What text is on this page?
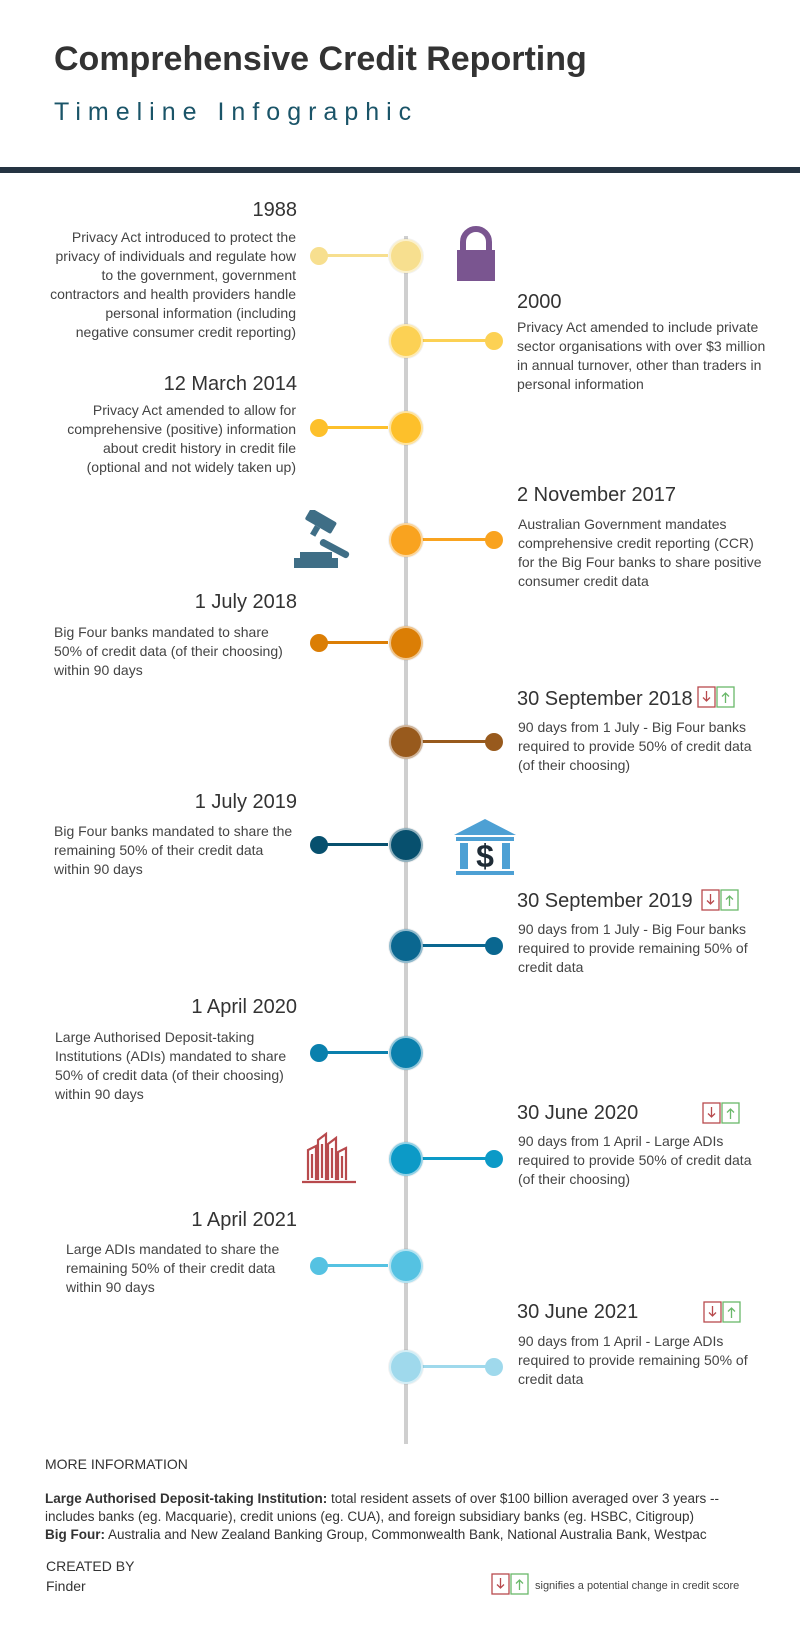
Comprehensive Credit Reporting
Timeline Infographic
1988
Privacy Act introduced to protect the privacy of individuals and regulate how to the government, government contractors and health providers handle personal information (including negative consumer credit reporting)
2000
Privacy Act amended to include private sector organisations with over $3 million in annual turnover, other than traders in personal information
12 March 2014
Privacy Act amended to allow for comprehensive (positive) information about credit history in credit file (optional and not widely taken up)
2 November 2017
Australian Government mandates comprehensive credit reporting (CCR) for the Big Four banks to share positive consumer credit data
1 July 2018
Big Four banks mandated to share 50% of credit data (of their choosing) within 90 days
30 September 2018
90 days from 1 July - Big Four banks required to provide 50% of credit data (of their choosing)
1 July 2019
Big Four banks mandated to share the remaining 50% of their credit data within 90 days
30 September 2019
90 days from 1 July - Big Four banks required to provide remaining 50% of credit data
1 April 2020
Large Authorised Deposit-taking Institutions (ADIs) mandated to share 50% of credit data (of their choosing) within 90 days
30 June 2020
90 days from 1 April - Large ADIs required to provide 50% of credit data (of their choosing)
1 April 2021
Large ADIs mandated to share the remaining 50% of their credit data within 90 days
30 June 2021
90 days from 1 April - Large ADIs required to provide remaining 50% of credit data
$
MORE INFORMATION
Large Authorised Deposit-taking Institution: total resident assets of over $100 billion averaged over 3 years -- includes banks (eg. Macquarie), credit unions (eg. CUA), and foreign subsidiary banks (eg. HSBC, Citigroup)
Big Four: Australia and New Zealand Banking Group, Commonwealth Bank, National Australia Bank, Westpac
CREATED BY
Finder	signifies a potential change in credit score
